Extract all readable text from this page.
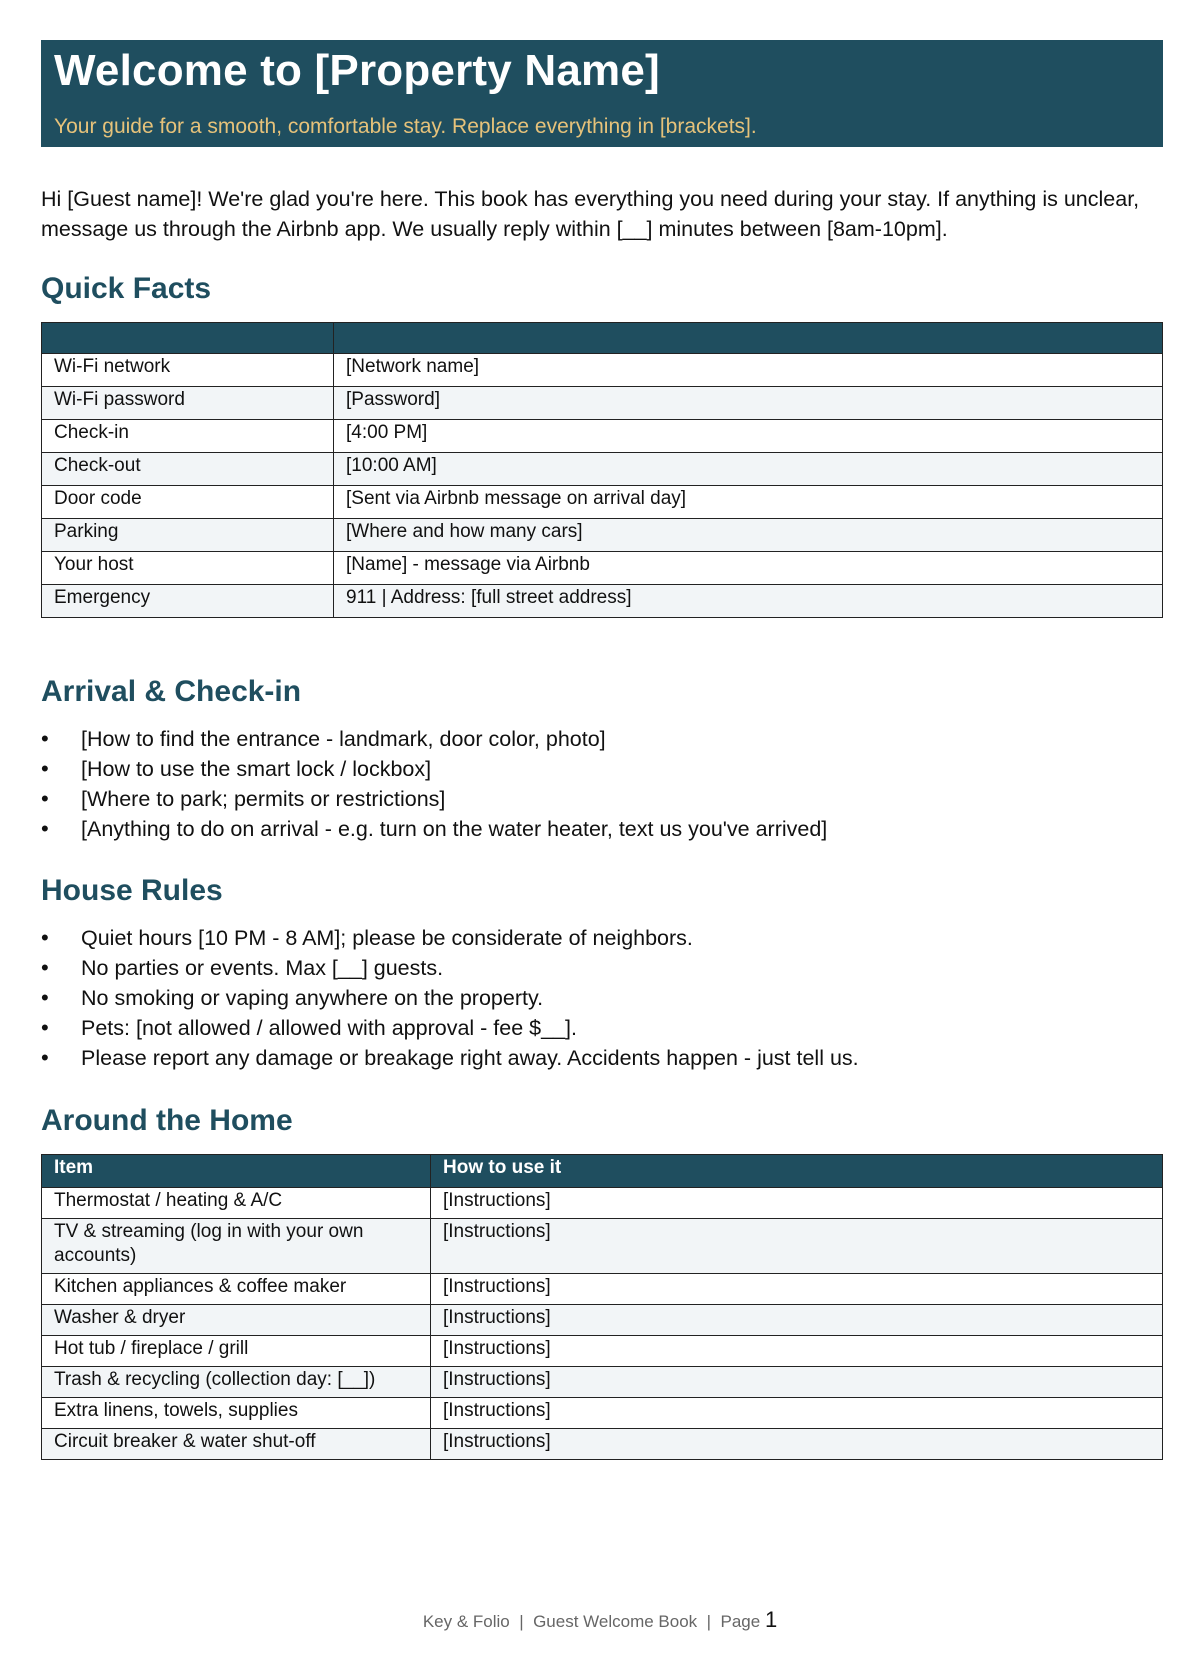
Welcome to [Property Name]
Your guide for a smooth, comfortable stay. Replace everything in [brackets].

Hi [Guest name]! We're glad you're here. This book has everything you need during your stay. If anything is unclear, message us through the Airbnb app. We usually reply within [__] minutes between [8am-10pm].

Quick Facts

Wi-Fi network	[Network name]
Wi-Fi password	[Password]
Check-in	[4:00 PM]
Check-out	[10:00 AM]
Door code	[Sent via Airbnb message on arrival day]
Parking	[Where and how many cars]
Your host	[Name] - message via Airbnb
Emergency	911 | Address: [full street address]
Arrival & Check-in
• [How to find the entrance - landmark, door color, photo]
• [How to use the smart lock / lockbox]
• [Where to park; permits or restrictions]
• [Anything to do on arrival - e.g. turn on the water heater, text us you've arrived]
House Rules
• Quiet hours [10 PM - 8 AM]; please be considerate of neighbors.
• No parties or events. Max [__] guests.
• No smoking or vaping anywhere on the property.
• Pets: [not allowed / allowed with approval - fee $__].
• Please report any damage or breakage right away. Accidents happen - just tell us.
Around the Home
Item	How to use it
Thermostat / heating & A/C	[Instructions]
TV & streaming (log in with your own accounts)	[Instructions]
Kitchen appliances & coffee maker	[Instructions]
Washer & dryer	[Instructions]
Hot tub / fireplace / grill	[Instructions]
Trash & recycling (collection day: [__])	[Instructions]
Extra linens, towels, supplies	[Instructions]
Circuit breaker & water shut-off	[Instructions]
Key & Folio | Guest Welcome Book | Page 1
